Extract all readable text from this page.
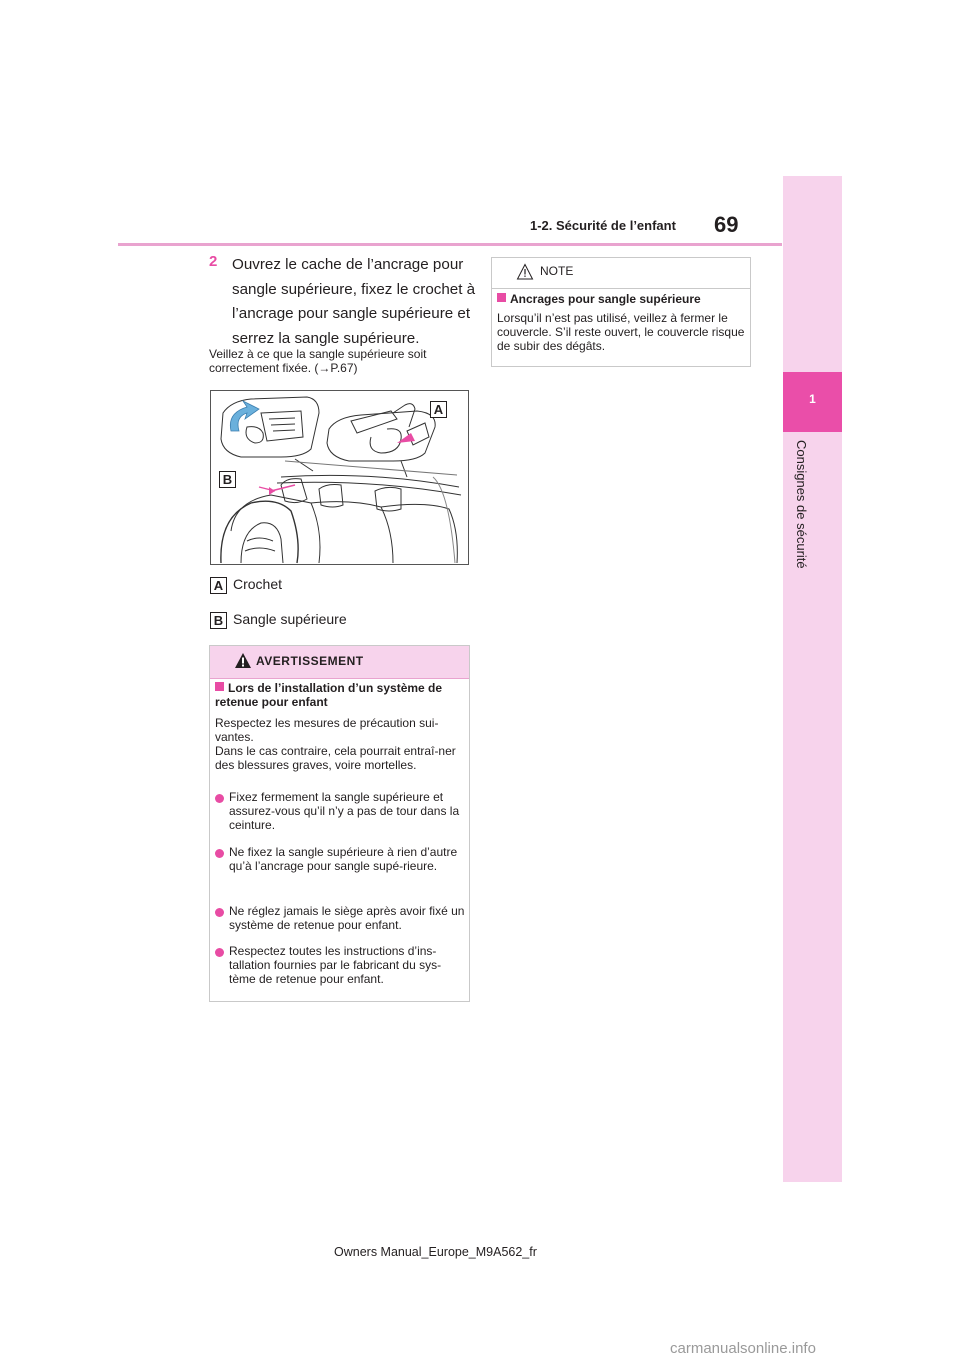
1-2. Sécurité de l’enfant 69
1
Consignes de sécurité
2 Ouvrez le cache de l’ancrage pour sangle supérieure, fixez le crochet à l’ancrage pour sangle supérieure et serrez la sangle supérieure.
Veillez à ce que la sangle supérieure soit correctement fixée. (→P.67)
A
B
A Crochet
B Sangle supérieure
AVERTISSEMENT
Lors de l’installation d’un système de retenue pour enfant
Respectez les mesures de précaution sui-vantes.
Dans le cas contraire, cela pourrait entraî-ner des blessures graves, voire mortelles.
Fixez fermement la sangle supérieure et assurez-vous qu’il n’y a pas de tour dans la ceinture.
Ne fixez la sangle supérieure à rien d’autre qu’à l’ancrage pour sangle supé-rieure.
Ne réglez jamais le siège après avoir fixé un système de retenue pour enfant.
Respectez toutes les instructions d’ins-tallation fournies par le fabricant du sys-tème de retenue pour enfant.
NOTE
Ancrages pour sangle supérieure
Lorsqu’il n’est pas utilisé, veillez à fermer le couvercle. S’il reste ouvert, le couvercle risque de subir des dégâts.
Owners Manual_Europe_M9A562_fr
carmanualsonline.info
